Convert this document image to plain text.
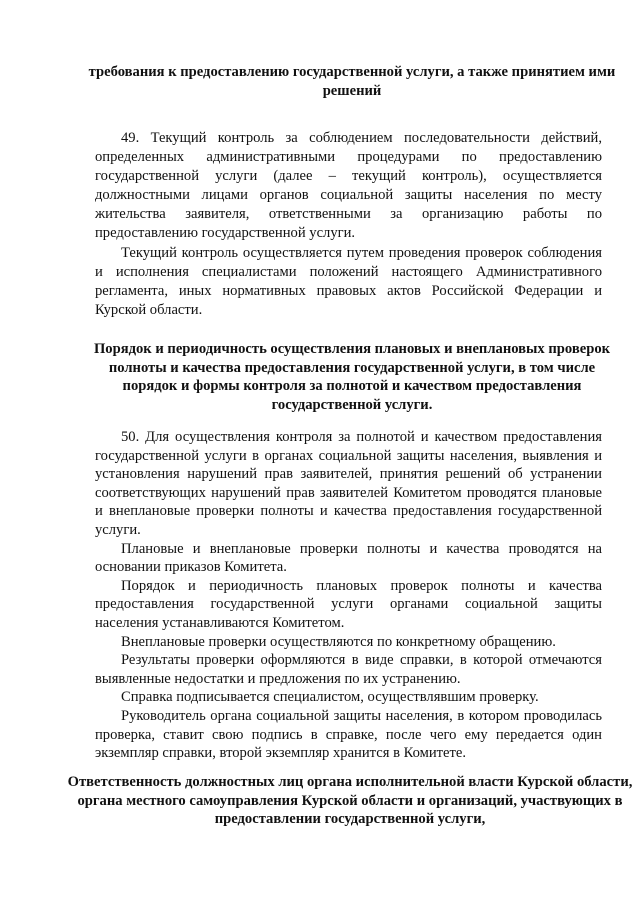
требования к предоставлению государственной услуги, а также принятием ими решений

49. Текущий контроль за соблюдением последовательности действий, определенных административными процедурами по предоставлению государственной услуги (далее – текущий контроль), осуществляется должностными лицами органов социальной защиты населения по месту жительства заявителя, ответственными за организацию работы по предоставлению государственной услуги.

Текущий контроль осуществляется путем проведения проверок соблюдения и исполнения специалистами положений настоящего Административного регламента, иных нормативных правовых актов Российской Федерации и Курской области.

Порядок и периодичность осуществления плановых и внеплановых проверок полноты и качества предоставления государственной услуги, в том числе порядок и формы контроля за полнотой и качеством предоставления государственной услуги.

50. Для осуществления контроля за полнотой и качеством предоставления государственной услуги в органах социальной защиты населения, выявления и установления нарушений прав заявителей, принятия решений об устранении соответствующих нарушений прав заявителей Комитетом проводятся плановые и внеплановые проверки полноты и качества предоставления государственной услуги.

Плановые и внеплановые проверки полноты и качества проводятся на основании приказов Комитета.

Порядок и периодичность плановых проверок полноты и качества предоставления государственной услуги органами социальной защиты населения устанавливаются Комитетом.

Внеплановые проверки осуществляются по конкретному обращению.

Результаты проверки оформляются в виде справки, в которой отмечаются выявленные недостатки и предложения по их устранению.

Справка подписывается специалистом, осуществлявшим проверку.

Руководитель органа социальной защиты населения, в котором проводилась проверка, ставит свою подпись в справке, после чего ему передается один экземпляр справки, второй экземпляр хранится в Комитете.

Ответственность должностных лиц органа исполнительной власти Курской области, органа местного самоуправления Курской области и организаций, участвующих в предоставлении государственной услуги,
